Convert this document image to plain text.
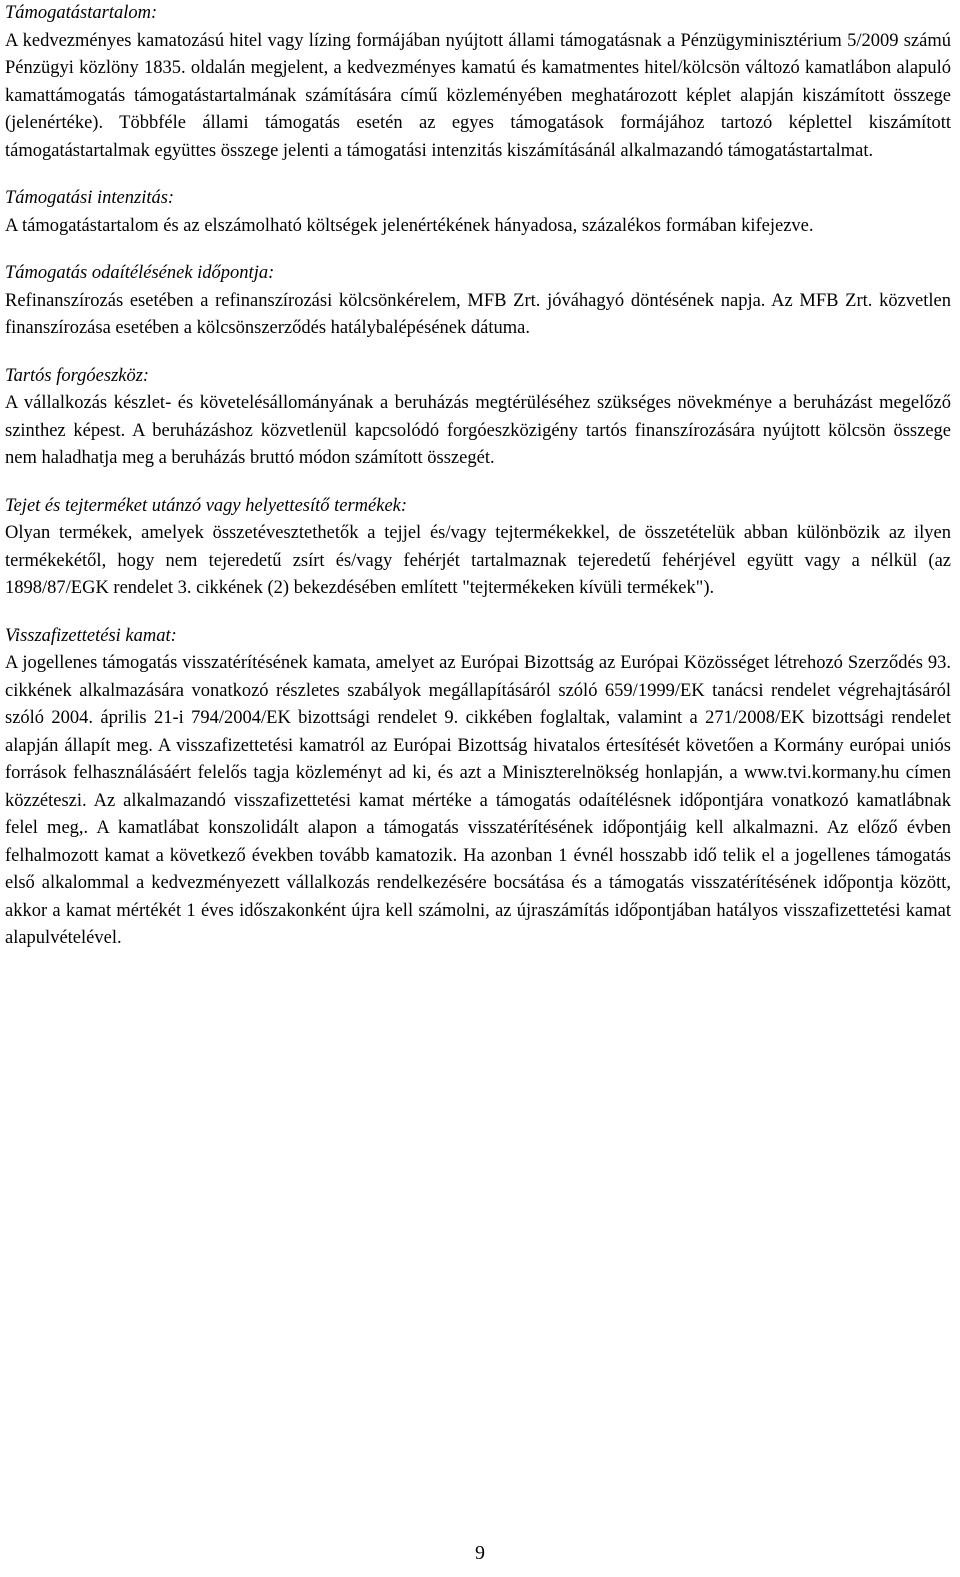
Támogatástartalom:

A kedvezményes kamatozású hitel vagy lízing formájában nyújtott állami támogatásnak a Pénzügyminisztérium 5/2009 számú Pénzügyi közlöny 1835. oldalán megjelent, a kedvezményes kamatú és kamatmentes hitel/kölcsön változó kamatlábon alapuló kamattámogatás támogatástartalmának számítására című közleményében meghatározott képlet alapján kiszámított összege (jelenértéke). Többféle állami támogatás esetén az egyes támogatások formájához tartozó képlettel kiszámított támogatástartalmak együttes összege jelenti a támogatási intenzitás kiszámításánál alkalmazandó támogatástartalmat.

Támogatási intenzitás:

A támogatástartalom és az elszámolható költségek jelenértékének hányadosa, százalékos formában kifejezve.

Támogatás odaítélésének időpontja:

Refinanszírozás esetében a refinanszírozási kölcsönkérelem, MFB Zrt. jóváhagyó döntésének napja. Az MFB Zrt. közvetlen finanszírozása esetében a kölcsönszerződés hatálybalépésének dátuma.

Tartós forgóeszköz:

A vállalkozás készlet- és követelésállományának a beruházás megtérüléséhez szükséges növekménye a beruházást megelőző szinthez képest. A beruházáshoz közvetlenül kapcsolódó forgóeszközigény tartós finanszírozására nyújtott kölcsön összege nem haladhatja meg a beruházás bruttó módon számított összegét.

Tejet és tejterméket utánzó vagy helyettesítő termékek:

Olyan termékek, amelyek összetévesztethetők a tejjel és/vagy tejtermékekkel, de összetételük abban különbözik az ilyen termékekétől, hogy nem tejeredetű zsírt és/vagy fehérjét tartalmaznak tejeredetű fehérjével együtt vagy a nélkül (az 1898/87/EGK rendelet 3. cikkének (2) bekezdésében említett "tejtermékeken kívüli termékek").

Visszafizettetési kamat:

A jogellenes támogatás visszatérítésének kamata, amelyet az Európai Bizottság az Európai Közösséget létrehozó Szerződés 93. cikkének alkalmazására vonatkozó részletes szabályok megállapításáról szóló 659/1999/EK tanácsi rendelet végrehajtásáról szóló 2004. április 21-i 794/2004/EK bizottsági rendelet 9. cikkében foglaltak, valamint a 271/2008/EK bizottsági rendelet alapján állapít meg. A visszafizettetési kamatról az Európai Bizottság hivatalos értesítését követően a Kormány európai uniós források felhasználásáért felelős tagja közleményt ad ki, és azt a Miniszterelnökség honlapján, a www.tvi.kormany.hu címen közzéteszi. Az alkalmazandó visszafizettetési kamat mértéke a támogatás odaítélésnek időpontjára vonatkozó kamatlábnak felel meg,. A kamatlábat konszolidált alapon a támogatás visszatérítésének időpontjáig kell alkalmazni. Az előző évben felhalmozott kamat a következő években tovább kamatozik. Ha azonban 1 évnél hosszabb idő telik el a jogellenes támogatás első alkalommal a kedvezményezett vállalkozás rendelkezésére bocsátása és a támogatás visszatérítésének időpontja között, akkor a kamat mértékét 1 éves időszakonként újra kell számolni, az újraszámítás időpontjában hatályos visszafizettetési kamat alapulvételével.

9
